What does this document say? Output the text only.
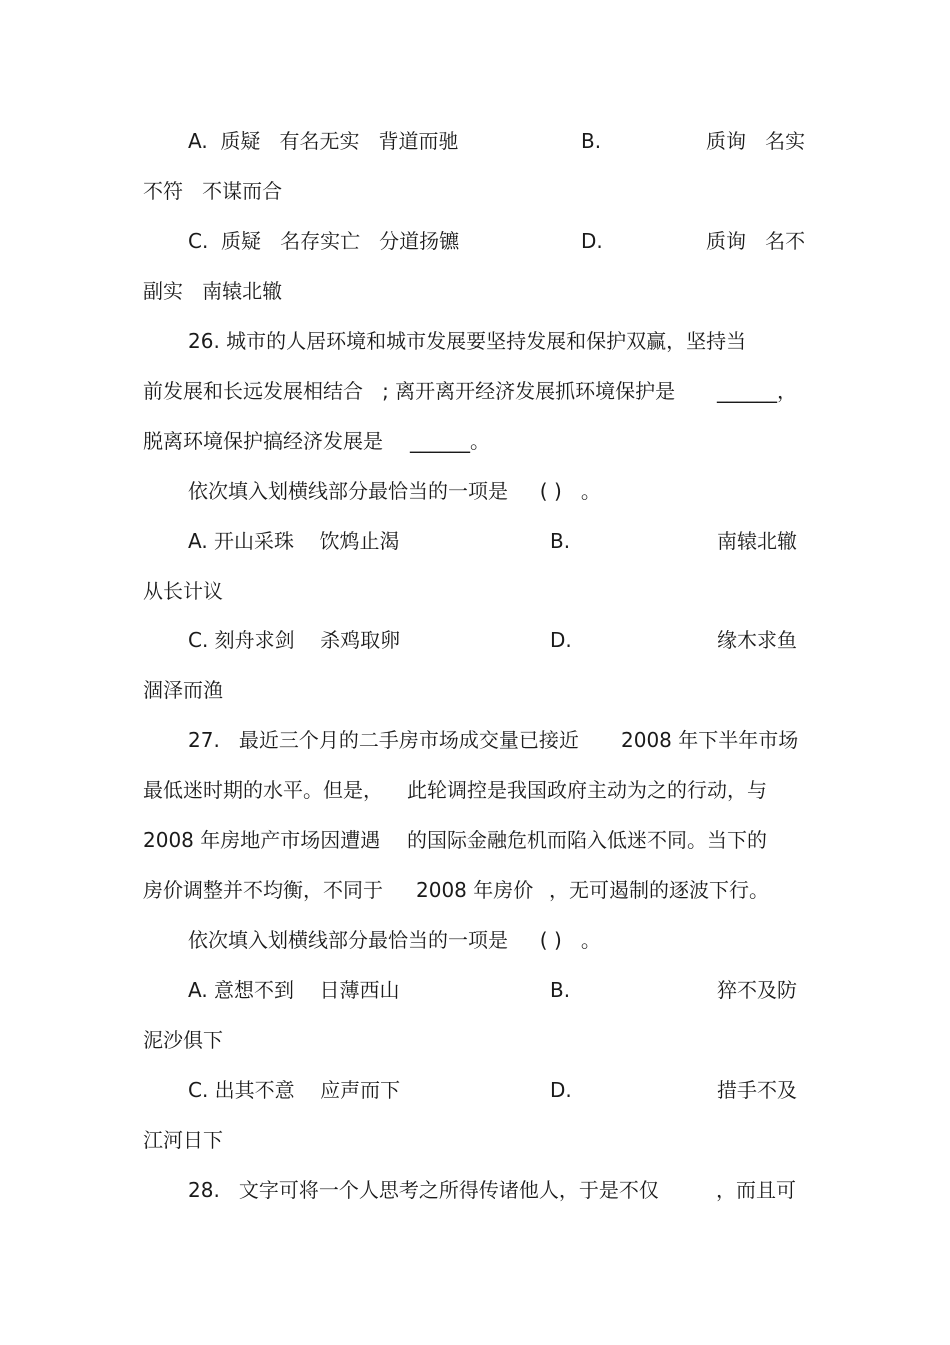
A.  质疑   有名无实   背道而驰	B.	质询   名实
不符   不谋而合
C.  质疑   名存实亡   分道扬镳	D.	质询   名不
副实   南辕北辙
26. 城市的人居环境和城市发展要坚持发展和保护双赢，坚持当
前发展和长远发展相结合   ; 离开离开经济发展抓环境保护是 ______，
脱离环境保护搞经济发展是 ______。
依次填入划横线部分最恰当的一项是     ( )   。
A. 开山采珠    饮鸩止渴	B.	南辕北辙
从长计议
C. 刻舟求剑    杀鸡取卵	D.	缘木求鱼
涸泽而渔
27.   最近三个月的二手房市场成交量已接近 2008 年下半年市场
最低迷时期的水平。但是， 此轮调控是我国政府主动为之的行动，与
2008 年房地产市场因遭遇 的国际金融危机而陷入低迷不同。当下的
房价调整并不均衡，不同于 2008 年房价 ，无可遏制的逐波下行。
依次填入划横线部分最恰当的一项是     ( )   。
A. 意想不到    日薄西山	B.	猝不及防
泥沙俱下
C. 出其不意    应声而下	D.	措手不及
江河日下
28.   文字可将一个人思考之所得传诸他人，于是不仅	，而且可
